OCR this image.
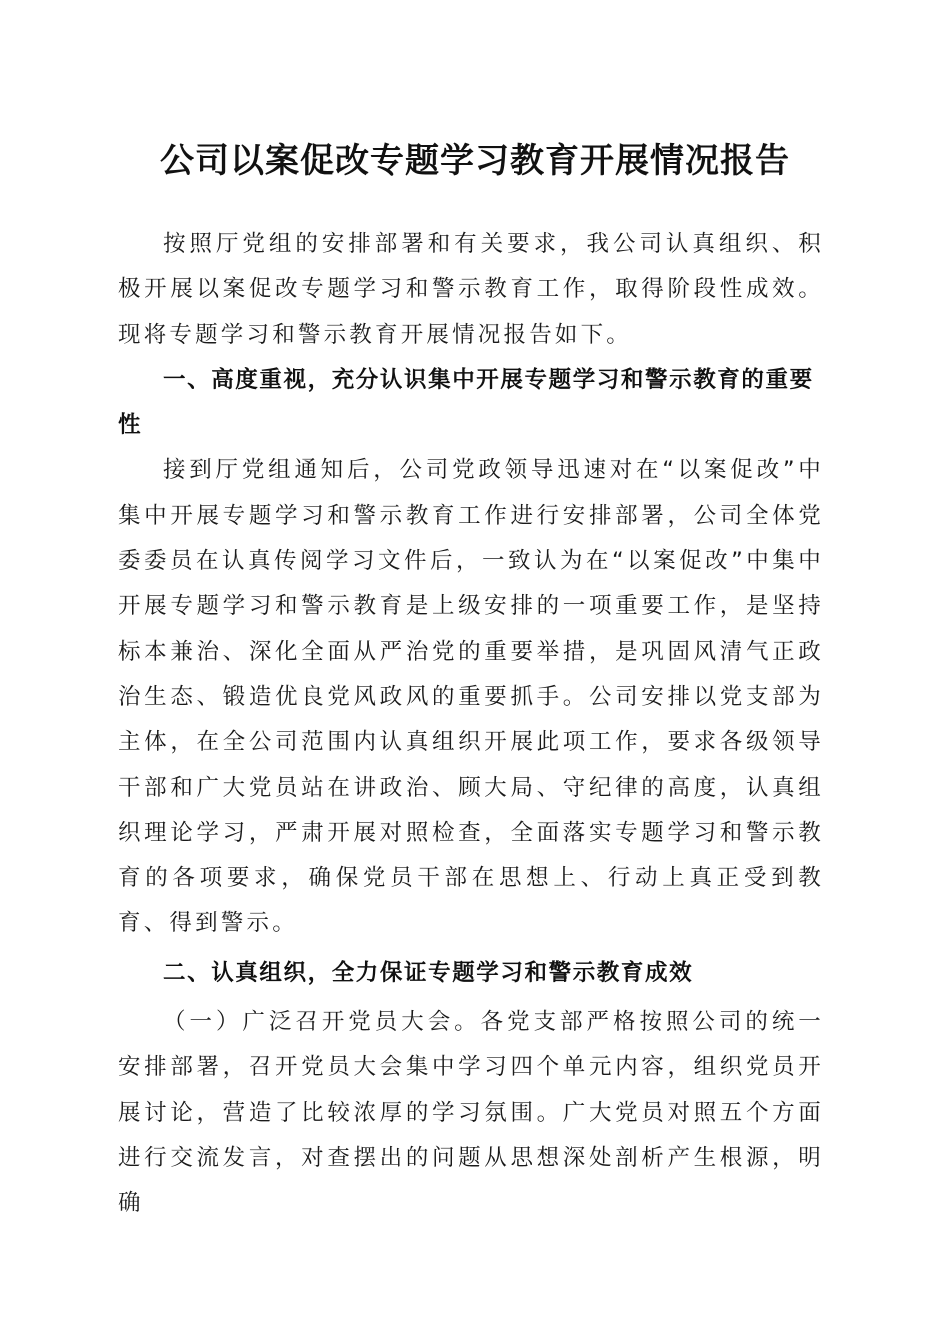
公司以案促改专题学习教育开展情况报告

按照厅党组的安排部署和有关要求，我公司认真组织、积极开展以案促改专题学习和警示教育工作，取得阶段性成效。现将专题学习和警示教育开展情况报告如下。

一、高度重视，充分认识集中开展专题学习和警示教育的重要性

接到厅党组通知后，公司党政领导迅速对在“以案促改”中集中开展专题学习和警示教育工作进行安排部署，公司全体党委委员在认真传阅学习文件后，一致认为在“以案促改”中集中开展专题学习和警示教育是上级安排的一项重要工作，是坚持标本兼治、深化全面从严治党的重要举措，是巩固风清气正政治生态、锻造优良党风政风的重要抓手。公司安排以党支部为主体，在全公司范围内认真组织开展此项工作，要求各级领导干部和广大党员站在讲政治、顾大局、守纪律的高度，认真组织理论学习，严肃开展对照检查，全面落实专题学习和警示教育的各项要求，确保党员干部在思想上、行动上真正受到教育、得到警示。

二、认真组织，全力保证专题学习和警示教育成效

（一）广泛召开党员大会。各党支部严格按照公司的统一安排部署，召开党员大会集中学习四个单元内容，组织党员开展讨论，营造了比较浓厚的学习氛围。广大党员对照五个方面进行交流发言，对查摆出的问题从思想深处剖析产生根源，明确
